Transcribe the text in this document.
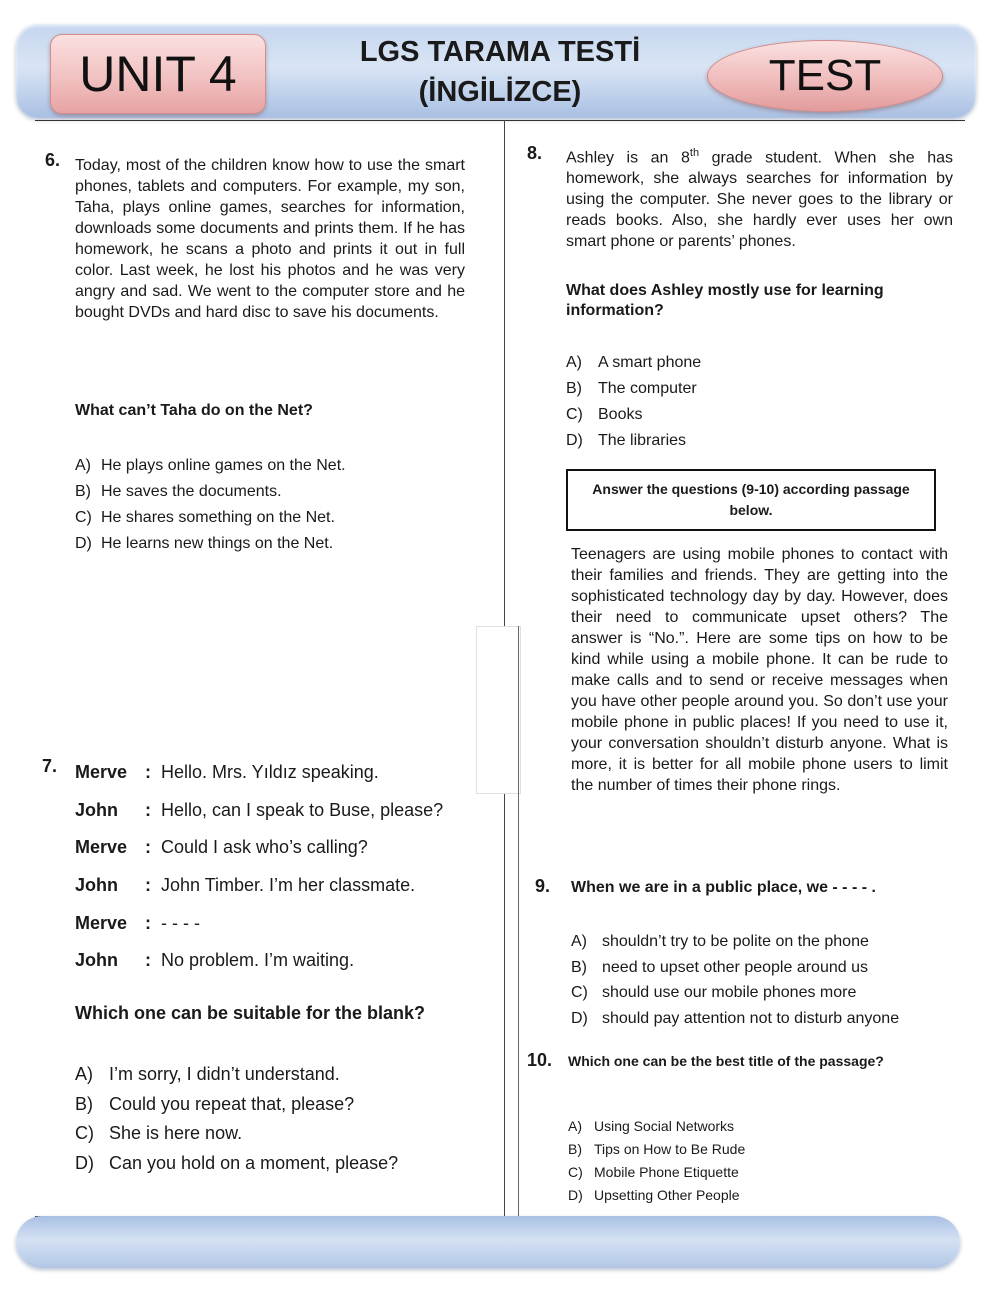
UNIT 4	LGS TARAMA TESTİ
(İNGİLİZCE)	TEST
6. Today, most of the children know how to use the smart phones, tablets and computers. For example, my son, Taha, plays online games, searches for information, downloads some documents and prints them. If he has homework, he scans a photo and prints it out in full color. Last week, he lost his photos and he was very angry and sad. We went to the computer store and he bought DVDs and hard disc to save his documents.
What can’t Taha do on the Net?
A) He plays online games on the Net.
B) He saves the documents.
C) He shares something on the Net.
D) He learns new things on the Net.
7. Merve : Hello. Mrs. Yıldız speaking.
John	: Hello, can I speak to Buse, please?
Merve : Could I ask who’s calling?
John	: John Timber. I’m her classmate.
Merve : - - - -
John	: No problem. I’m waiting.
Which one can be suitable for the blank?
A) I’m sorry, I didn’t understand.
B) Could you repeat that, please?
C) She is here now.
D) Can you hold on a moment, please?
8. Ashley is an 8th grade student. When she has homework, she always searches for information by using the computer. She never goes to the library or reads books. Also, she hardly ever uses her own smart phone or parents’ phones.
What does Ashley mostly use for learning information?
A)	A smart phone
B)	The computer
C) Books
D) The libraries
Answer the questions (9-10) according passage below.
Teenagers are using mobile phones to contact with their families and friends. They are getting into the sophisticated technology day by day. However, does their need to communicate upset others? The answer is “No.”. Here are some tips on how to be kind while using a mobile phone. It can be rude to make calls and to send or receive messages when you have other people around you. So don’t use your mobile phone in public places! If you need to use it, your conversation shouldn’t disturb anyone. What is more, it is better for all mobile phone users to limit the number of times their phone rings.
9. When we are in a public place, we - - - - .
A) shouldn’t try to be polite on the phone
B) need to upset other people around us
C) should use our mobile phones more
D) should pay attention not to disturb anyone
10. Which one can be the best title of the passage?
A) Using Social Networks
B) Tips on How to Be Rude
C) Mobile Phone Etiquette
D) Upsetting Other People
